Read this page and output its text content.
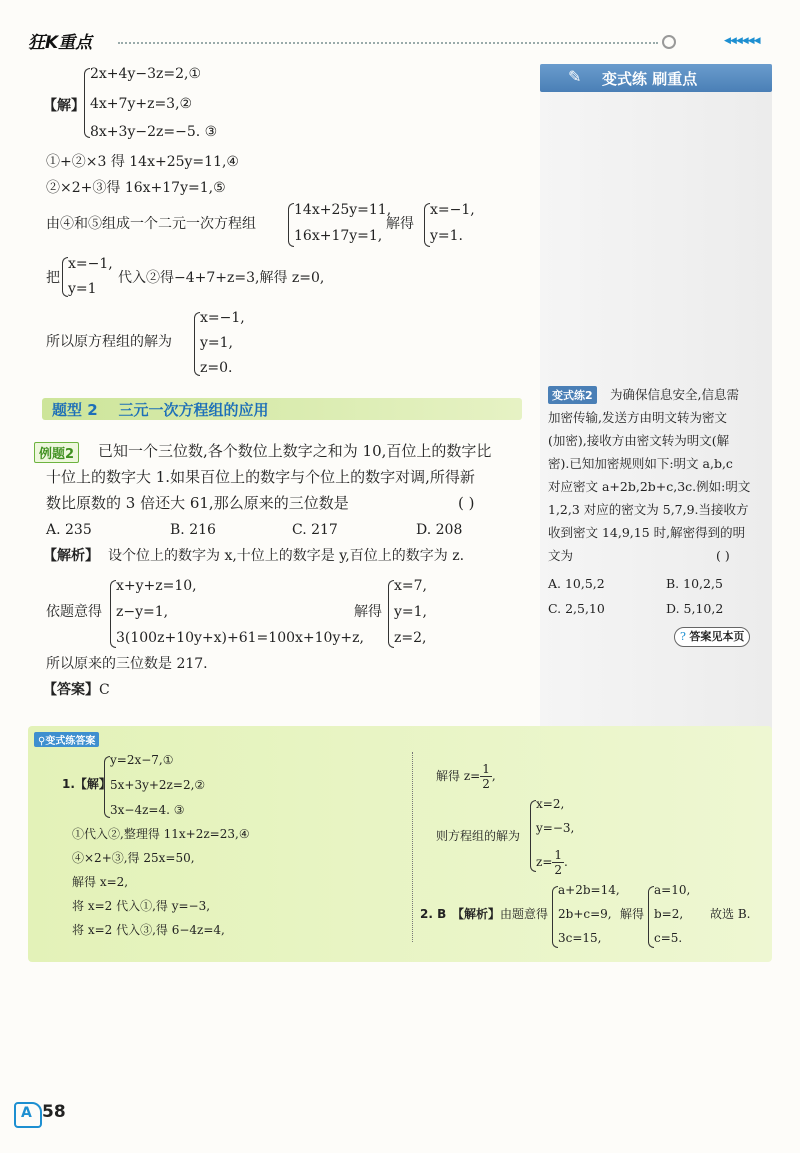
狂K重点	◀◀◀◀◀◀
✎ 变式练 刷重点
变式练2	为确保信息安全,信息需
加密传输,发送方由明文转为密文
(加密),接收方由密文转为明文(解
密).已知加密规则如下:明文 a,b,c
对应密文 a+2b,2b+c,3c.例如:明文
1,2,3 对应的密文为 5,7,9.当接收方
收到密文 14,9,15 时,解密得到的明
文为	( )
A. 10,5,2	B. 10,2,5
C. 2,5,10	D. 5,10,2
? 答案见本页
【解】
2x+4y−3z=2,①
4x+7y+z=3,②
8x+3y−2z=−5. ③
①+②×3 得 14x+25y=11,④
②×2+③得 16x+17y=1,⑤
由④和⑤组成一个二元一次方程组
14x+25y=11,
16x+17y=1,
解得
x=−1,
y=1.
把
x=−1,
y=1
代入②得−4+7+z=3,解得 z=0,
所以原方程组的解为
x=−1,
y=1,
z=0.
题型 2    三元一次方程组的应用
例题2	已知一个三位数,各个数位上数字之和为 10,百位上的数字比
十位上的数字大 1.如果百位上的数字与个位上的数字对调,所得新
数比原数的 3 倍还大 61,那么原来的三位数是	( )
A. 235	B. 216	C. 217	D. 208
【解析】 设个位上的数字为 x,十位上的数字是 y,百位上的数字为 z.
依题意得
x+y+z=10,
z−y=1,
3(100z+10y+x)+61=100x+10y+z,
解得
x=7,
y=1,
z=2,
所以原来的三位数是 217.
【答案】C
⚲变式练答案
1.【解】
y=2x−7,①
5x+3y+2z=2,②
3x−4z=4. ③
①代入②,整理得 11x+2z=23,④
④×2+③,得 25x=50,
解得 x=2,
将 x=2 代入①,得 y=−3,
将 x=2 代入③,得 6−4z=4,
解得 $z= \frac{1}{2}$ ,
则方程组的解为
x=2,
y=−3,
$z= \frac{1}{2}$ .
2. B 【解析】 由题意得
a+2b=14,
2b+c=9,
3c=15,
解得
a=10,
b=2,
c=5.
故选 B.
A 58
